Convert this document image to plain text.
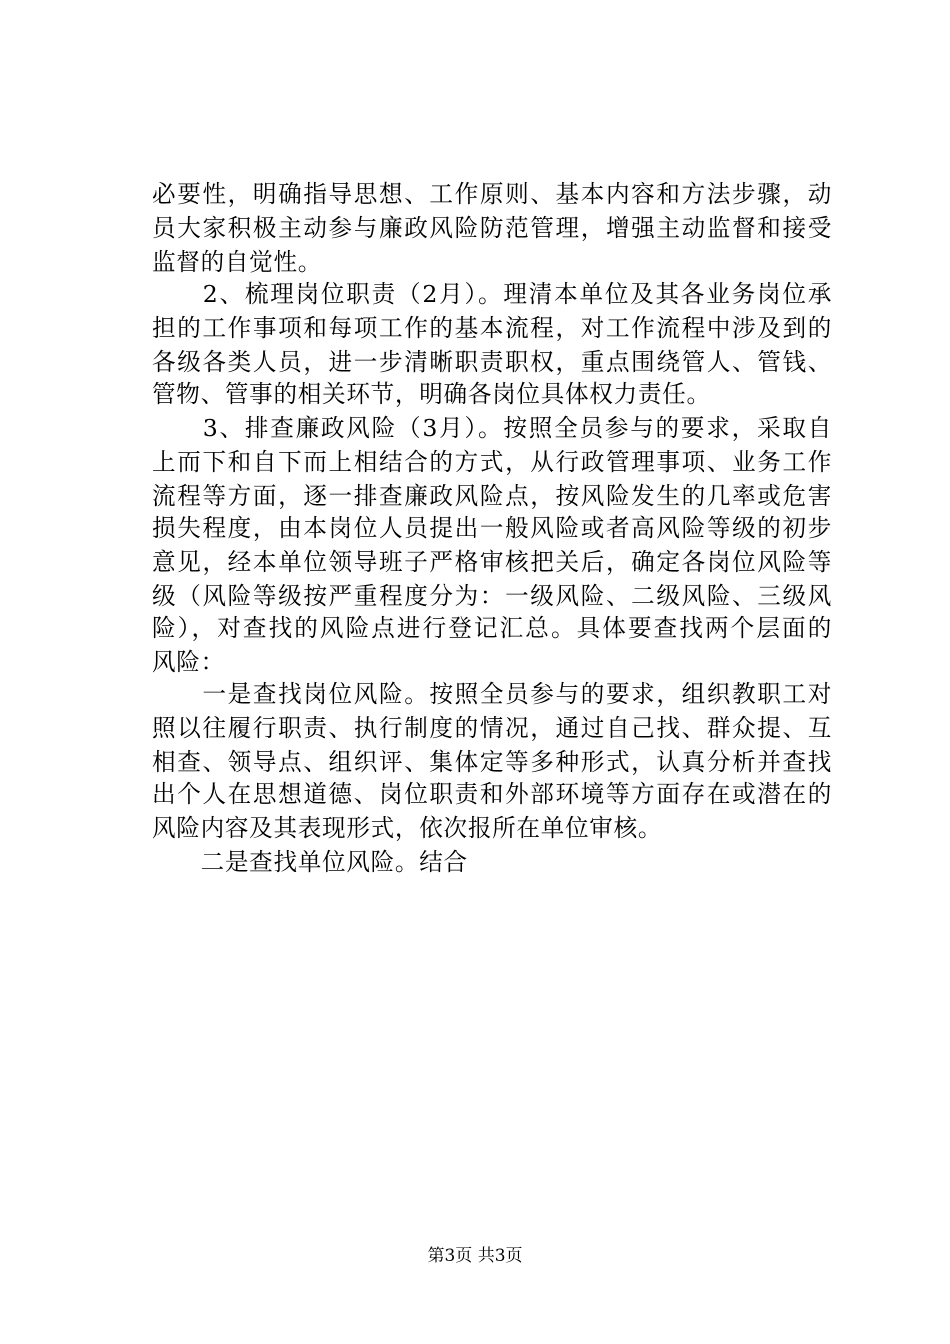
必要性，明确指导思想、工作原则、基本内容和方法步骤，动
员大家积极主动参与廉政风险防范管理，增强主动监督和接受
监督的自觉性。
　　2、梳理岗位职责（2月）。理清本单位及其各业务岗位承
担的工作事项和每项工作的基本流程，对工作流程中涉及到的
各级各类人员，进一步清晰职责职权，重点围绕管人、管钱、
管物、管事的相关环节，明确各岗位具体权力责任。
　　3、排查廉政风险（3月）。按照全员参与的要求，采取自
上而下和自下而上相结合的方式，从行政管理事项、业务工作
流程等方面，逐一排查廉政风险点，按风险发生的几率或危害
损失程度，由本岗位人员提出一般风险或者高风险等级的初步
意见，经本单位领导班子严格审核把关后，确定各岗位风险等
级（风险等级按严重程度分为：一级风险、二级风险、三级风
险），对查找的风险点进行登记汇总。具体要查找两个层面的
风险：
　　一是查找岗位风险。按照全员参与的要求，组织教职工对
照以往履行职责、执行制度的情况，通过自己找、群众提、互
相查、领导点、组织评、集体定等多种形式，认真分析并查找
出个人在思想道德、岗位职责和外部环境等方面存在或潜在的
风险内容及其表现形式，依次报所在单位审核。
　　二是查找单位风险。结合
第3页 共3页
